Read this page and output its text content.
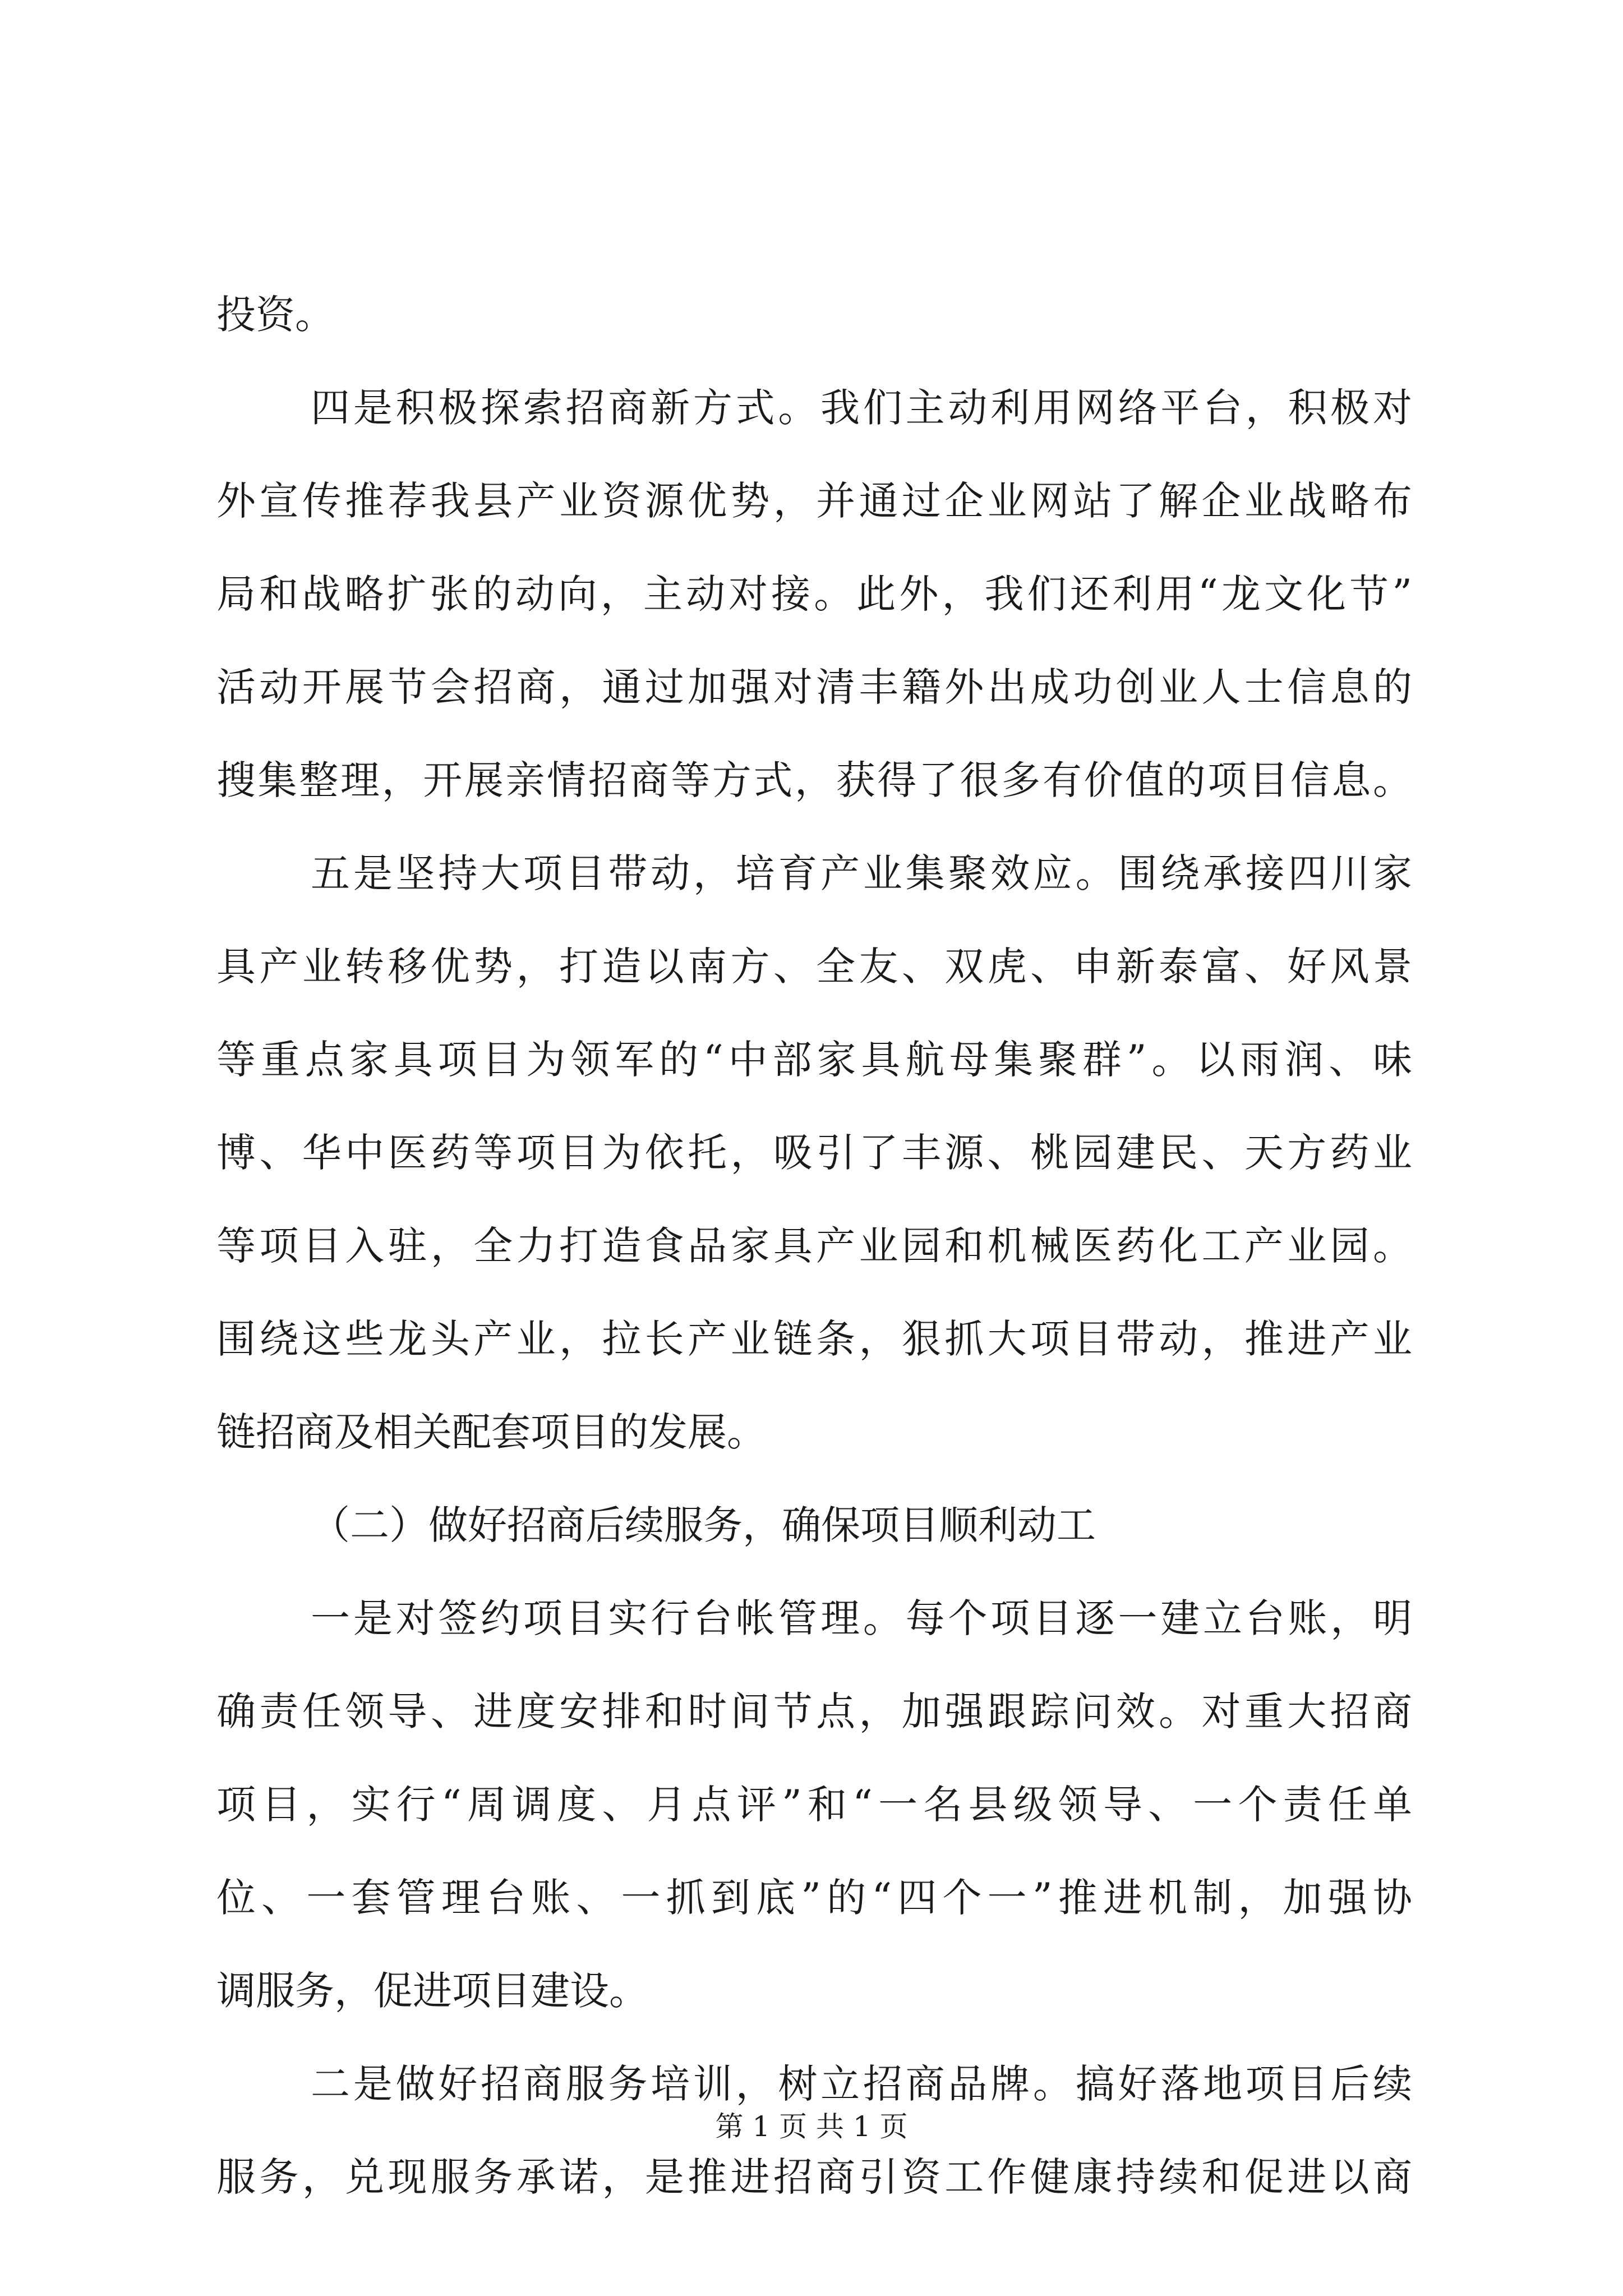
投资。
四是积极探索招商新方式。我们主动利用网络平台，积极对
外宣传推荐我县产业资源优势，并通过企业网站了解企业战略布
局和战略扩张的动向，主动对接。此外，我们还利用“龙文化节”
活动开展节会招商，通过加强对清丰籍外出成功创业人士信息的
搜集整理，开展亲情招商等方式，获得了很多有价值的项目信息。
五是坚持大项目带动，培育产业集聚效应。围绕承接四川家
具产业转移优势，打造以南方、全友、双虎、申新泰富、好风景
等重点家具项目为领军的“中部家具航母集聚群”。以雨润、味
博、华中医药等项目为依托，吸引了丰源、桃园建民、天方药业
等项目入驻，全力打造食品家具产业园和机械医药化工产业园。
围绕这些龙头产业，拉长产业链条，狠抓大项目带动，推进产业
链招商及相关配套项目的发展。
（二）做好招商后续服务，确保项目顺利动工
一是对签约项目实行台帐管理。每个项目逐一建立台账，明
确责任领导、进度安排和时间节点，加强跟踪问效。对重大招商
项目，实行“周调度、月点评”和“一名县级领导、一个责任单
位、一套管理台账、一抓到底”的“四个一”推进机制，加强协
调服务，促进项目建设。
二是做好招商服务培训，树立招商品牌。搞好落地项目后续
服务，兑现服务承诺，是推进招商引资工作健康持续和促进以商
第 1 页 共 1 页
